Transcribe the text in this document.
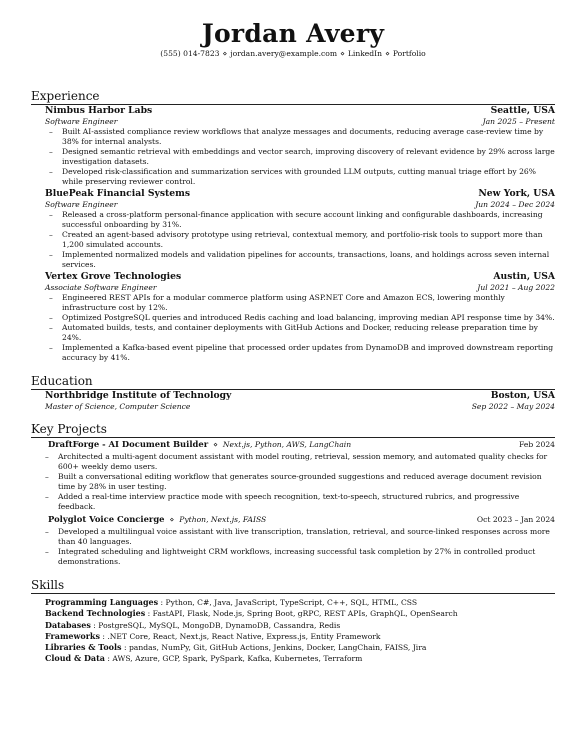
Jordan Avery
(555) 014-7823 ⋄ jordan.avery@example.com ⋄ LinkedIn ⋄ Portfolio
Experience
Nimbus Harbor Labs	Seattle, USA
Software Engineer	Jan 2025 – Present
– Built AI-assisted compliance review workflows that analyze messages and documents, reducing average case-review time by 38% for internal analysts.
– Designed semantic retrieval with embeddings and vector search, improving discovery of relevant evidence by 29% across large investigation datasets.
– Developed risk-classification and summarization services with grounded LLM outputs, cutting manual triage effort by 26% while preserving reviewer control.
BluePeak Financial Systems	New York, USA
Software Engineer	Jun 2024 – Dec 2024
– Released a cross-platform personal-finance application with secure account linking and configurable dashboards, increasing successful onboarding by 31%.
– Created an agent-based advisory prototype using retrieval, contextual memory, and portfolio-risk tools to support more than 1,200 simulated accounts.
– Implemented normalized models and validation pipelines for accounts, transactions, loans, and holdings across seven internal services.
Vertex Grove Technologies	Austin, USA
Associate Software Engineer	Jul 2021 – Aug 2022
– Engineered REST APIs for a modular commerce platform using ASP.NET Core and Amazon ECS, lowering monthly infrastructure cost by 12%.
– Optimized PostgreSQL queries and introduced Redis caching and load balancing, improving median API response time by 34%.
– Automated builds, tests, and container deployments with GitHub Actions and Docker, reducing release preparation time by 24%.
– Implemented a Kafka-based event pipeline that processed order updates from DynamoDB and improved downstream reporting accuracy by 41%.
Education
Northbridge Institute of Technology	Boston, USA
Master of Science, Computer Science	Sep 2022 – May 2024
Key Projects
DraftForge - AI Document Builder ⋄ Next.js, Python, AWS, LangChain	Feb 2024
– Architected a multi-agent document assistant with model routing, retrieval, session memory, and automated quality checks for 600+ weekly demo users.
– Built a conversational editing workflow that generates source-grounded suggestions and reduced average document revision time by 28% in user testing.
– Added a real-time interview practice mode with speech recognition, text-to-speech, structured rubrics, and progressive feedback.
Polyglot Voice Concierge ⋄ Python, Next.js, FAISS	Oct 2023 – Jan 2024
– Developed a multilingual voice assistant with live transcription, translation, retrieval, and source-linked responses across more than 40 languages.
– Integrated scheduling and lightweight CRM workflows, increasing successful task completion by 27% in controlled product demonstrations.
Skills
Programming Languages : Python, C#, Java, JavaScript, TypeScript, C++, SQL, HTML, CSS
Backend Technologies : FastAPI, Flask, Node.js, Spring Boot, gRPC, REST APIs, GraphQL, OpenSearch
Databases : PostgreSQL, MySQL, MongoDB, DynamoDB, Cassandra, Redis
Frameworks : .NET Core, React, Next.js, React Native, Express.js, Entity Framework
Libraries & Tools : pandas, NumPy, Git, GitHub Actions, Jenkins, Docker, LangChain, FAISS, Jira
Cloud & Data : AWS, Azure, GCP, Spark, PySpark, Kafka, Kubernetes, Terraform
